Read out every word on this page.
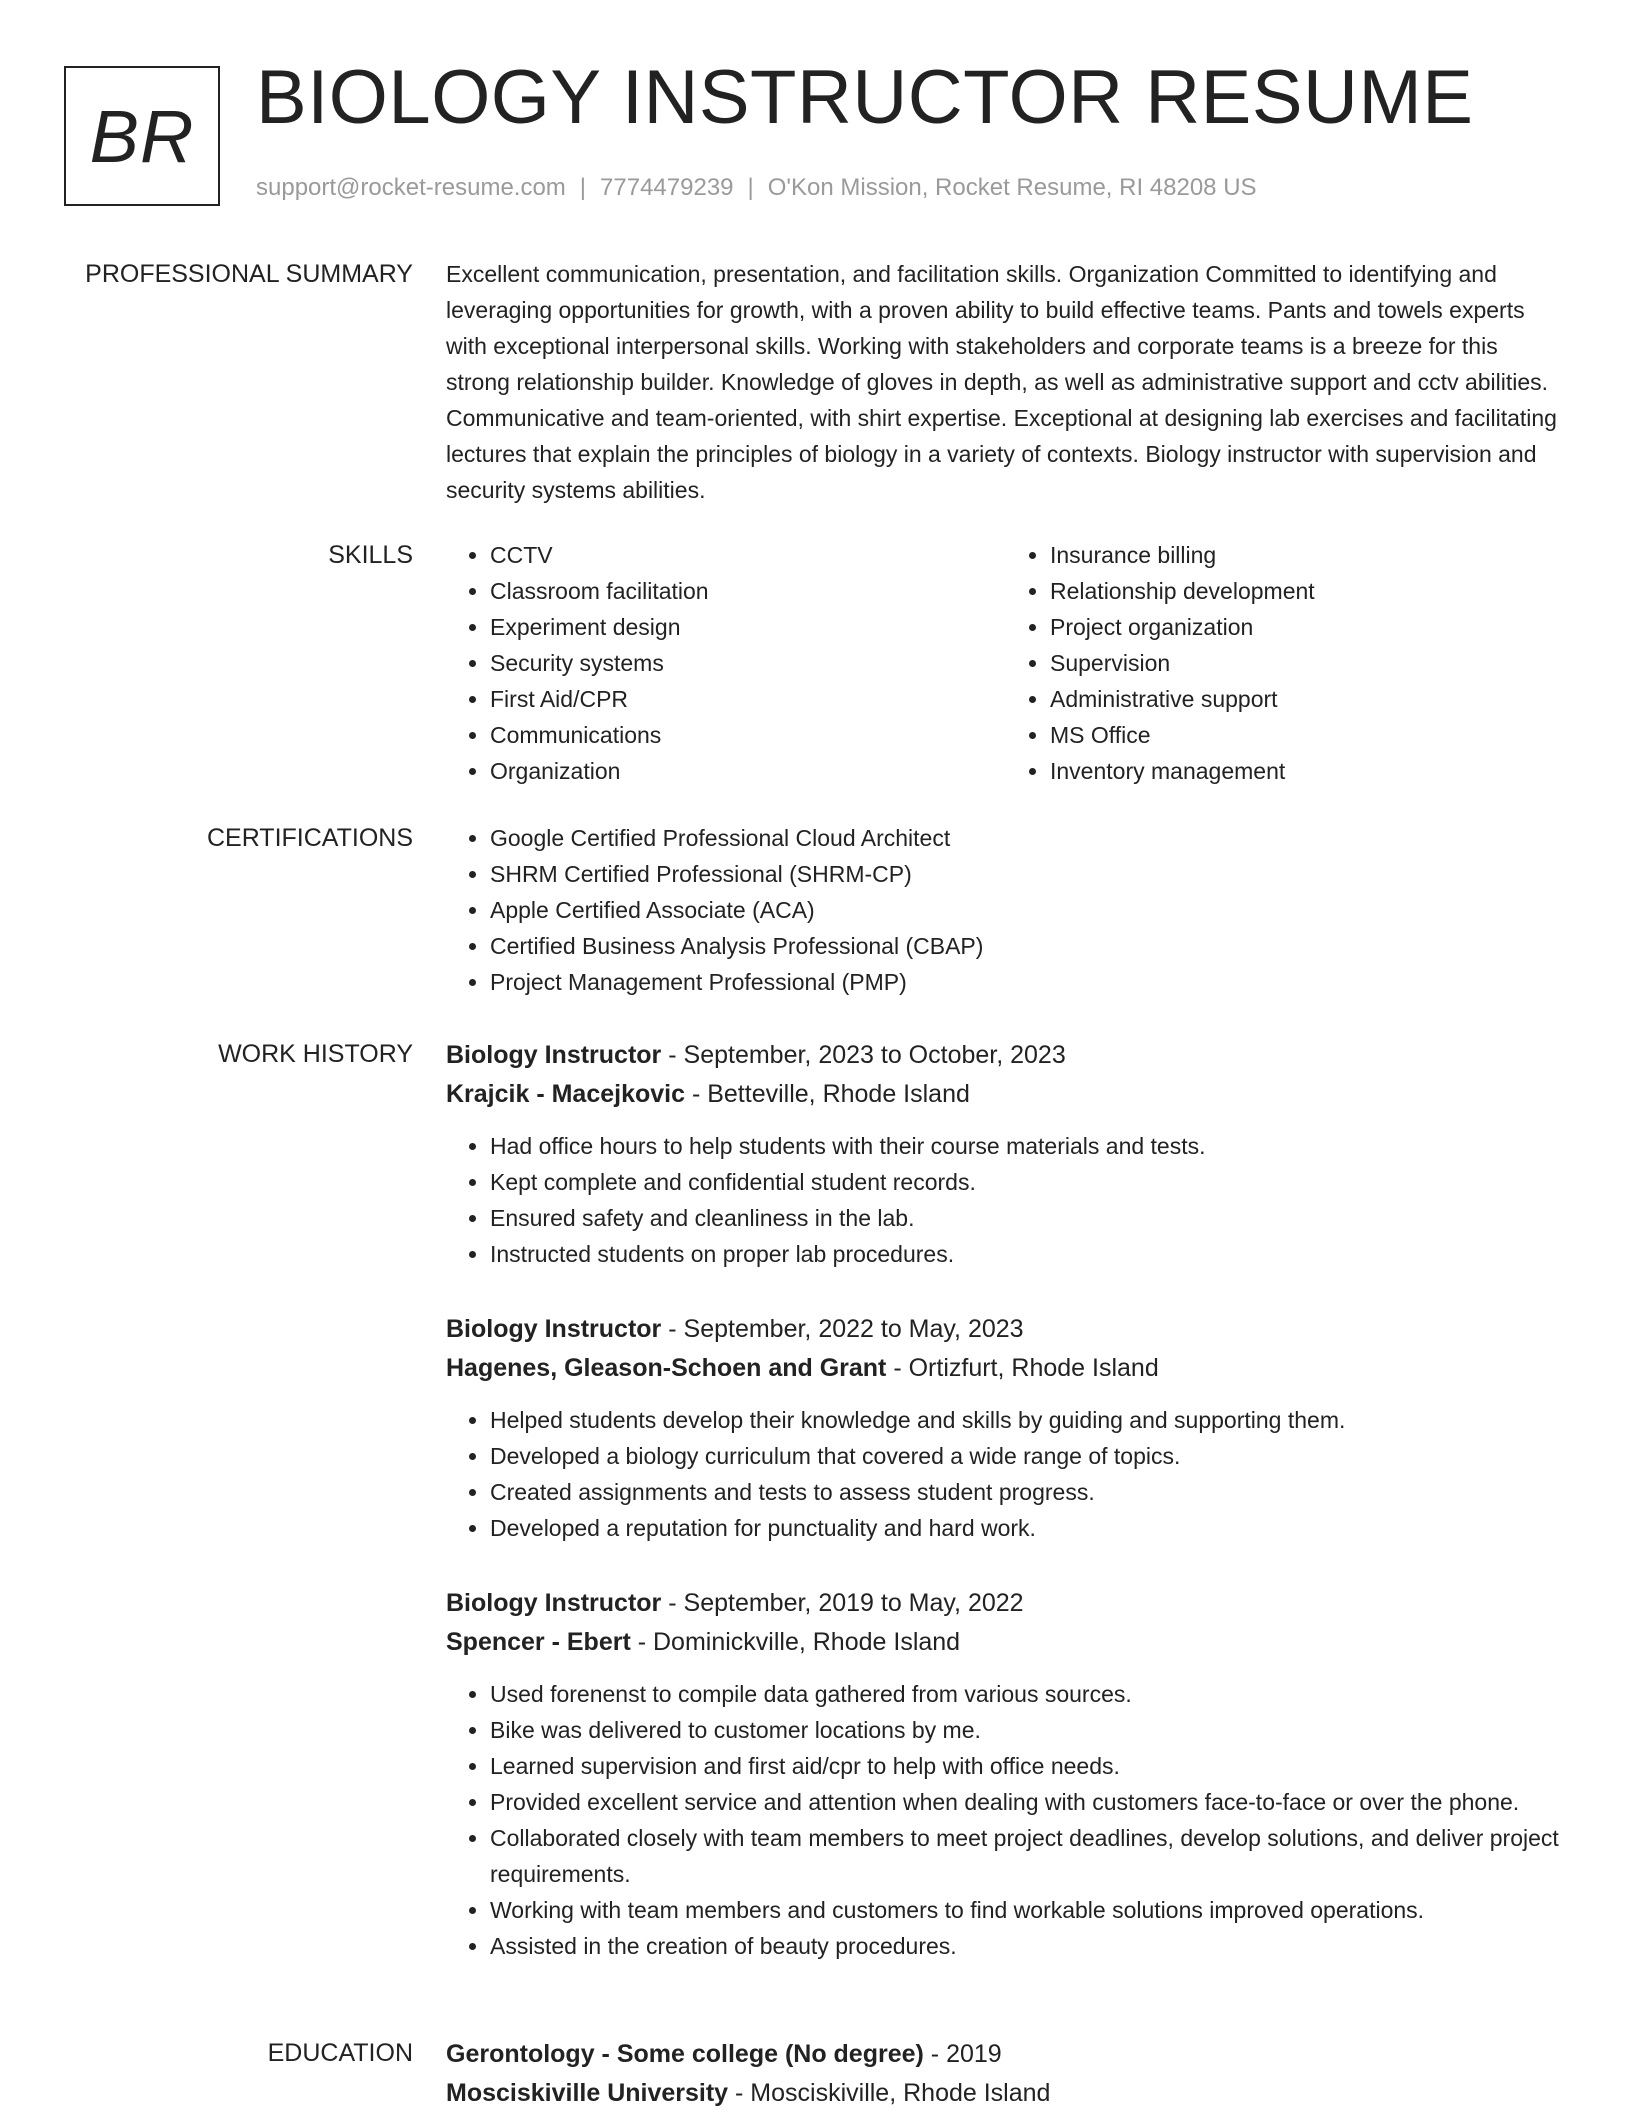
BR BIOLOGY INSTRUCTOR RESUME
support@rocket-resume.com | 7774479239 | O'Kon Mission, Rocket Resume, RI 48208 US
PROFESSIONAL SUMMARY Excellent communication, presentation, and facilitation skills. Organization Committed to identifying and leveraging opportunities for growth, with a proven ability to build effective teams. Pants and towels experts with exceptional interpersonal skills. Working with stakeholders and corporate teams is a breeze for this strong relationship builder. Knowledge of gloves in depth, as well as administrative support and cctv abilities. Communicative and team-oriented, with shirt expertise. Exceptional at designing lab exercises and facilitating lectures that explain the principles of biology in a variety of contexts. Biology instructor with supervision and security systems abilities.

SKILLS	• CCTV
• Classroom facilitation
• Experiment design
• Security systems
• First Aid/CPR
• Communications
• Organization
• Insurance billing
• Relationship development
• Project organization
• Supervision
• Administrative support
• MS Office
• Inventory management
CERTIFICATIONS	• Google Certified Professional Cloud Architect
• SHRM Certified Professional (SHRM-CP)
• Apple Certified Associate (ACA)
• Certified Business Analysis Professional (CBAP)
• Project Management Professional (PMP)
WORK HISTORY Biology Instructor - September, 2023 to October, 2023
Krajcik - Macejkovic - Betteville, Rhode Island
• Had office hours to help students with their course materials and tests.
• Kept complete and confidential student records.
• Ensured safety and cleanliness in the lab.
• Instructed students on proper lab procedures.
Biology Instructor - September, 2022 to May, 2023
Hagenes, Gleason-Schoen and Grant - Ortizfurt, Rhode Island
• Helped students develop their knowledge and skills by guiding and supporting them.
• Developed a biology curriculum that covered a wide range of topics.
• Created assignments and tests to assess student progress.
• Developed a reputation for punctuality and hard work.
Biology Instructor - September, 2019 to May, 2022
Spencer - Ebert - Dominickville, Rhode Island
• Used forenenst to compile data gathered from various sources.
• Bike was delivered to customer locations by me.
• Learned supervision and first aid/cpr to help with office needs.
• Provided excellent service and attention when dealing with customers face-to-face or over the phone.
• Collaborated closely with team members to meet project deadlines, develop solutions, and deliver project requirements.
• Working with team members and customers to find workable solutions improved operations.
• Assisted in the creation of beauty procedures.
EDUCATION Gerontology - Some college (No degree) - 2019
Mosciskiville University - Mosciskiville, Rhode Island
